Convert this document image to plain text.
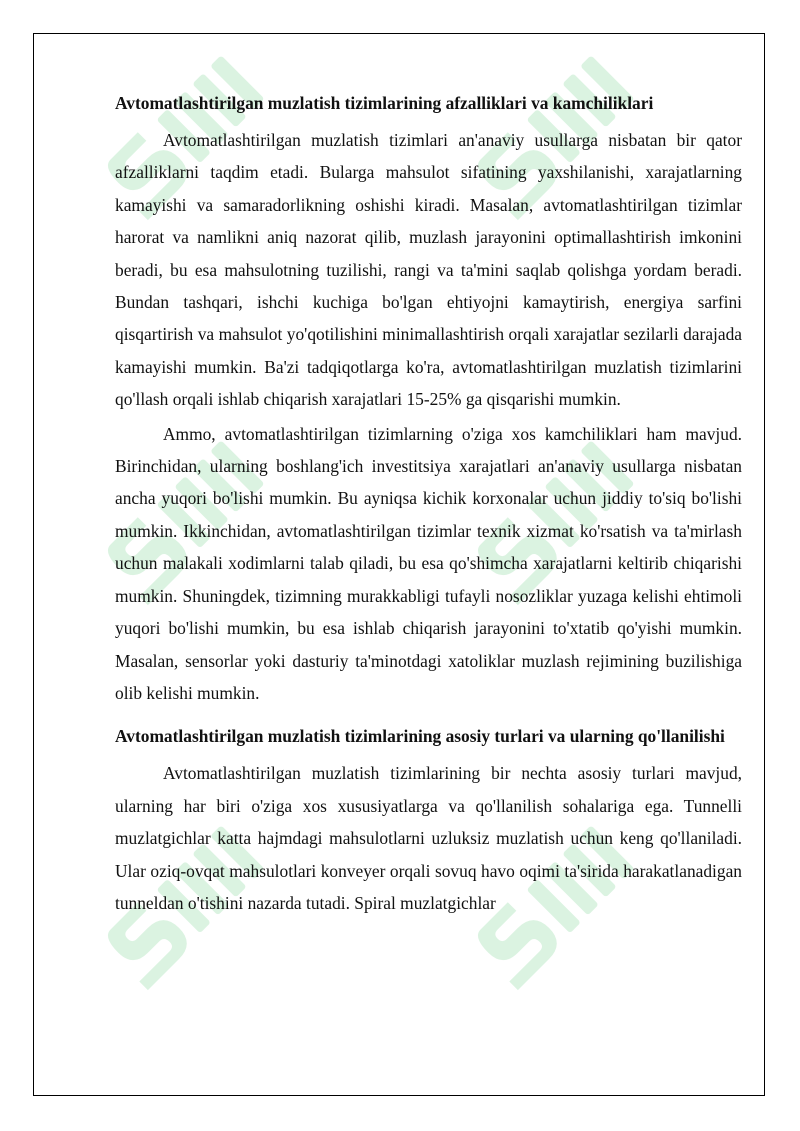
Avtomatlashtirilgan muzlatish tizimlarining afzalliklari va kamchiliklari

Avtomatlashtirilgan muzlatish tizimlari an'anaviy usullarga nisbatan bir qator afzalliklarni taqdim etadi. Bularga mahsulot sifatining yaxshilanishi, xarajatlarning kamayishi va samaradorlikning oshishi kiradi. Masalan, avtomatlashtirilgan tizimlar harorat va namlikni aniq nazorat qilib, muzlash jarayonini optimallashtirish imkonini beradi, bu esa mahsulotning tuzilishi, rangi va ta'mini saqlab qolishga yordam beradi. Bundan tashqari, ishchi kuchiga bo'lgan ehtiyojni kamaytirish, energiya sarfini qisqartirish va mahsulot yo'qotilishini minimallashtirish orqali xarajatlar sezilarli darajada kamayishi mumkin. Ba'zi tadqiqotlarga ko'ra, avtomatlashtirilgan muzlatish tizimlarini qo'llash orqali ishlab chiqarish xarajatlari 15-25% ga qisqarishi mumkin.

Ammo, avtomatlashtirilgan tizimlarning o'ziga xos kamchiliklari ham mavjud. Birinchidan, ularning boshlang'ich investitsiya xarajatlari an'anaviy usullarga nisbatan ancha yuqori bo'lishi mumkin. Bu ayniqsa kichik korxonalar uchun jiddiy to'siq bo'lishi mumkin. Ikkinchidan, avtomatlashtirilgan tizimlar texnik xizmat ko'rsatish va ta'mirlash uchun malakali xodimlarni talab qiladi, bu esa qo'shimcha xarajatlarni keltirib chiqarishi mumkin. Shuningdek, tizimning murakkabligi tufayli nosozliklar yuzaga kelishi ehtimoli yuqori bo'lishi mumkin, bu esa ishlab chiqarish jarayonini to'xtatib qo'yishi mumkin. Masalan, sensorlar yoki dasturiy ta'minotdagi xatoliklar muzlash rejimining buzilishiga olib kelishi mumkin.

Avtomatlashtirilgan muzlatish tizimlarining asosiy turlari va ularning qo'llanilishi

Avtomatlashtirilgan muzlatish tizimlarining bir nechta asosiy turlari mavjud, ularning har biri o'ziga xos xususiyatlarga va qo'llanilish sohalariga ega. Tunnelli muzlatgichlar katta hajmdagi mahsulotlarni uzluksiz muzlatish uchun keng qo'llaniladi. Ular oziq-ovqat mahsulotlari konveyer orqali sovuq havo oqimi ta'sirida harakatlanadigan tunneldan o'tishini nazarda tutadi. Spiral muzlatgichlar
